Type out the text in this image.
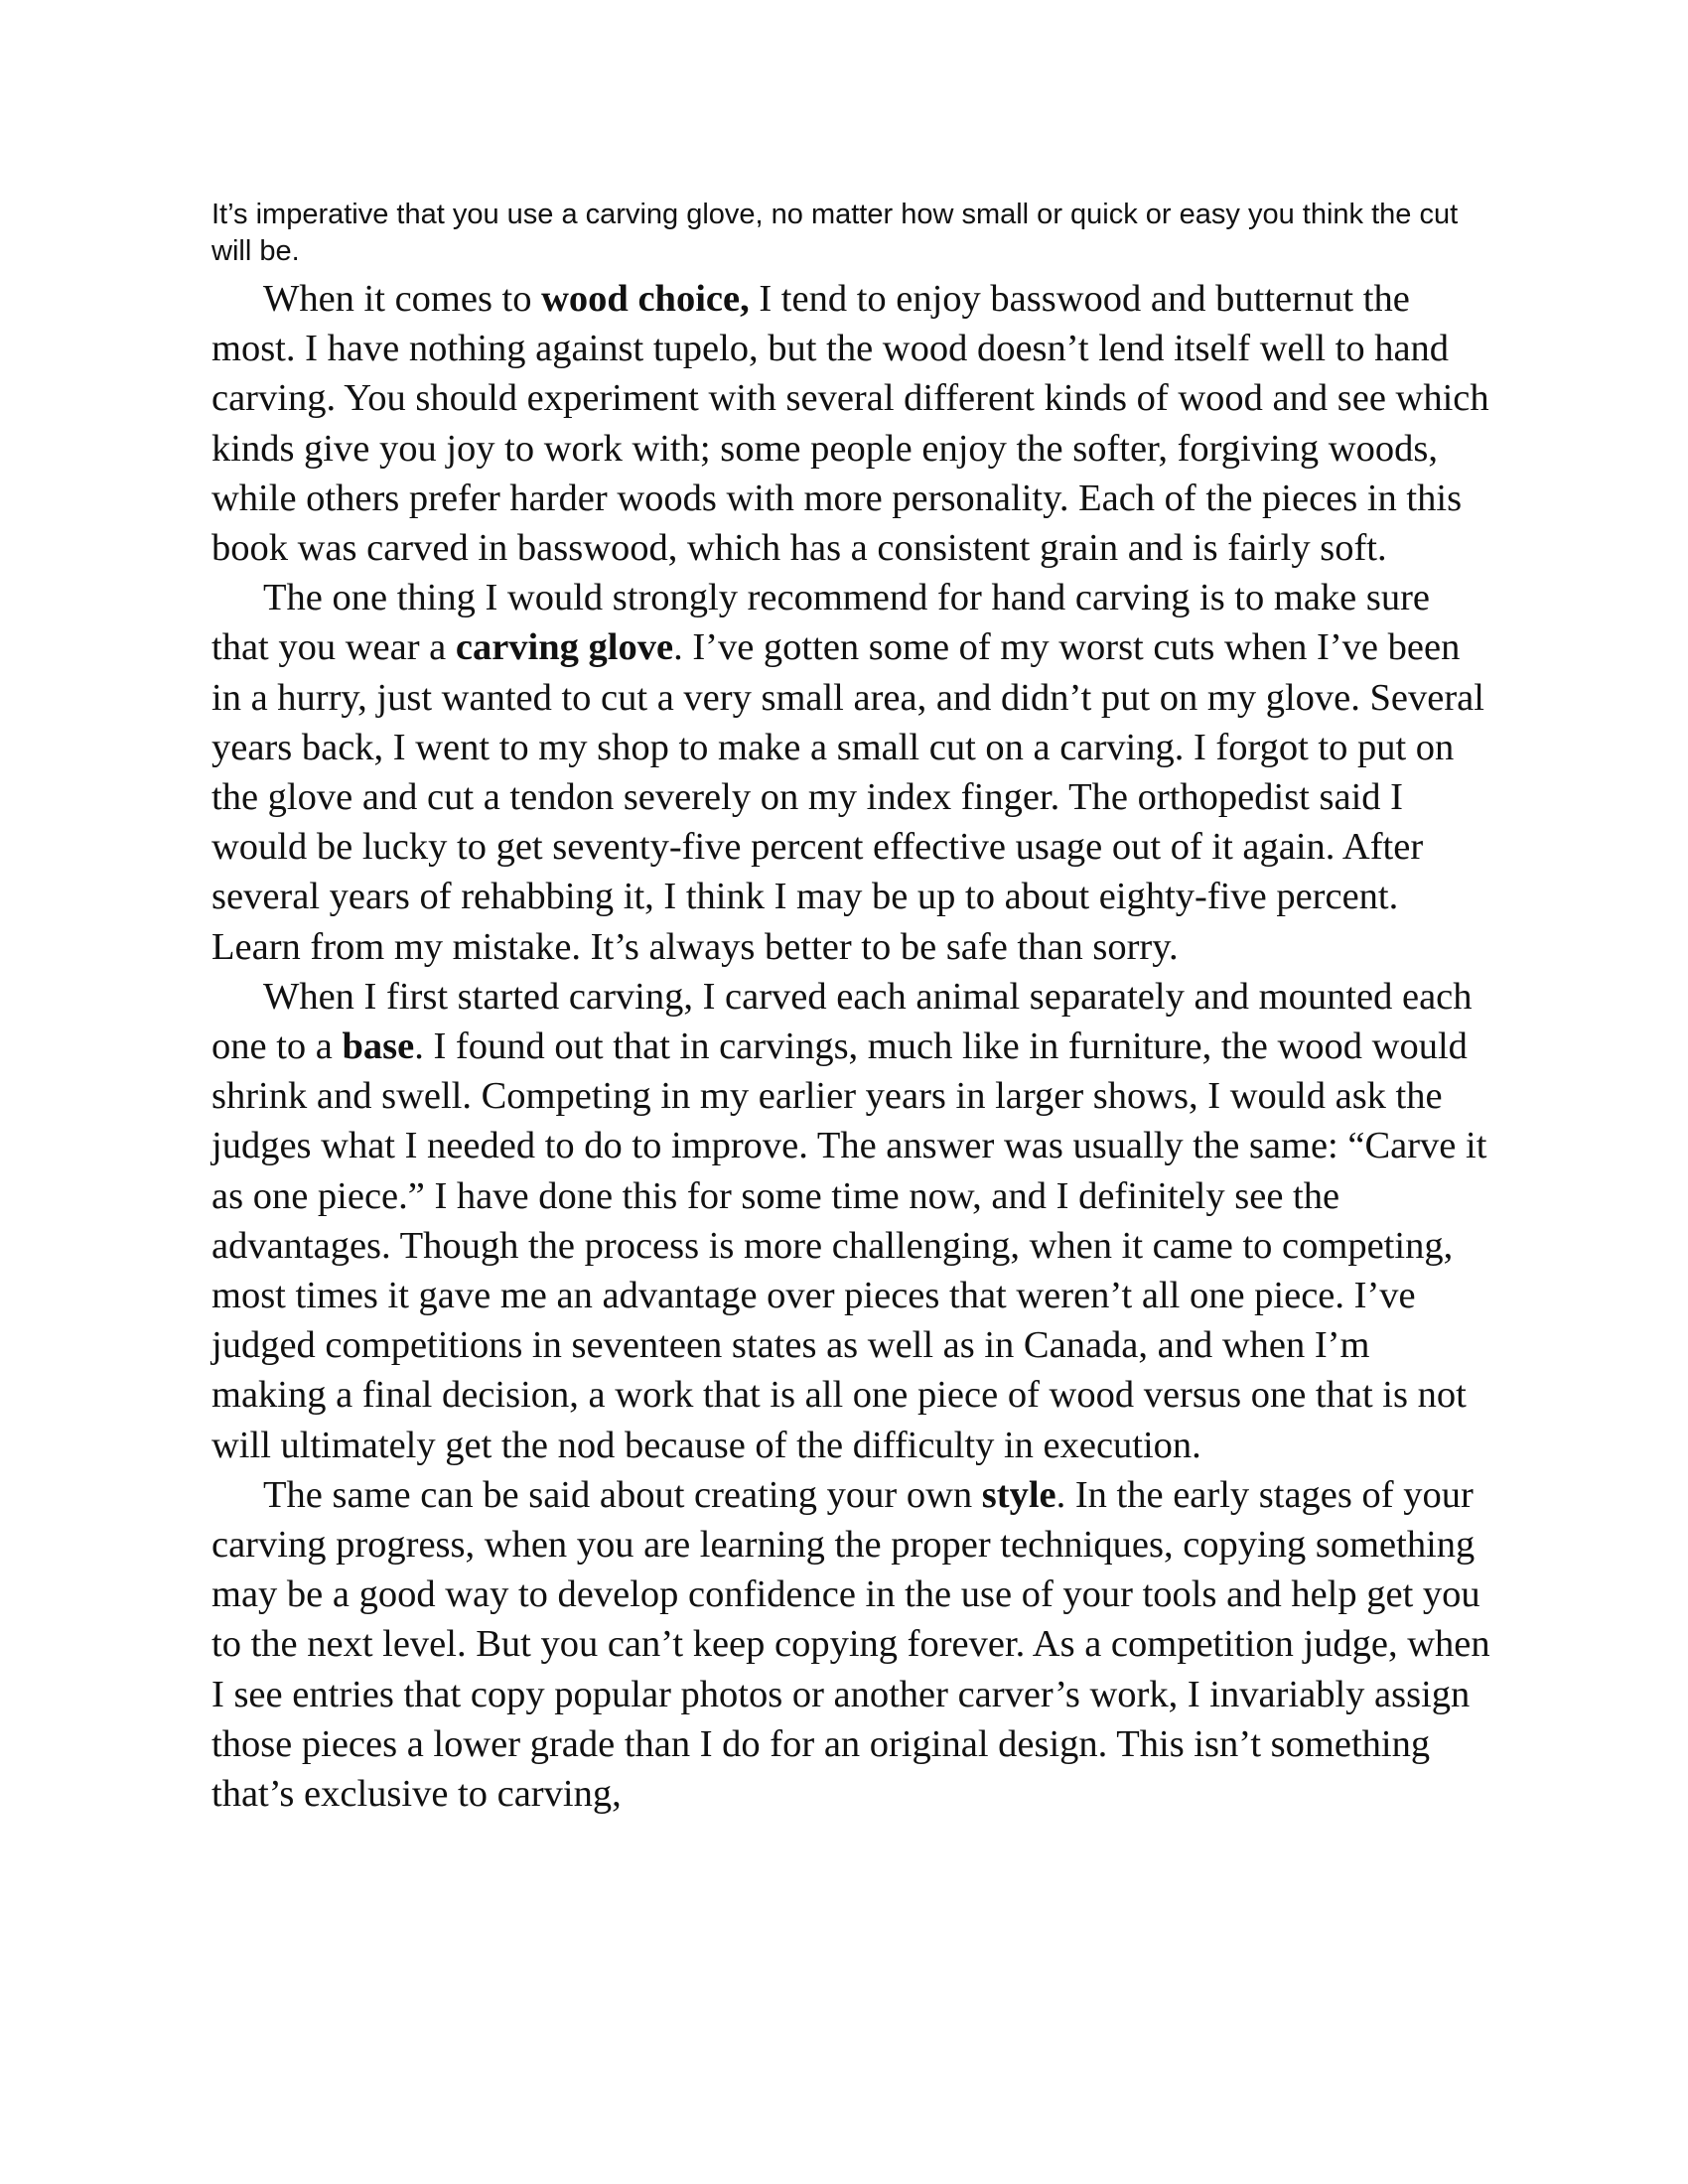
It’s imperative that you use a carving glove, no matter how small or quick or easy you think the cut will be.

When it comes to wood choice, I tend to enjoy basswood and butternut the most. I have nothing against tupelo, but the wood doesn’t lend itself well to hand carving. You should experiment with several different kinds of wood and see which kinds give you joy to work with; some people enjoy the softer, forgiving woods, while others prefer harder woods with more personality. Each of the pieces in this book was carved in basswood, which has a consistent grain and is fairly soft.

The one thing I would strongly recommend for hand carving is to make sure that you wear a carving glove. I’ve gotten some of my worst cuts when I’ve been in a hurry, just wanted to cut a very small area, and didn’t put on my glove. Several years back, I went to my shop to make a small cut on a carving. I forgot to put on the glove and cut a tendon severely on my index finger. The orthopedist said I would be lucky to get seventy-five percent effective usage out of it again. After several years of rehabbing it, I think I may be up to about eighty-five percent. Learn from my mistake. It’s always better to be safe than sorry.

When I first started carving, I carved each animal separately and mounted each one to a base. I found out that in carvings, much like in furniture, the wood would shrink and swell. Competing in my earlier years in larger shows, I would ask the judges what I needed to do to improve. The answer was usually the same: “Carve it as one piece.” I have done this for some time now, and I definitely see the advantages. Though the process is more challenging, when it came to competing, most times it gave me an advantage over pieces that weren’t all one piece. I’ve judged competitions in seventeen states as well as in Canada, and when I’m making a final decision, a work that is all one piece of wood versus one that is not will ultimately get the nod because of the difficulty in execution.

The same can be said about creating your own style. In the early stages of your carving progress, when you are learning the proper techniques, copying something may be a good way to develop confidence in the use of your tools and help get you to the next level. But you can’t keep copying forever. As a competition judge, when I see entries that copy popular photos or another carver’s work, I invariably assign those pieces a lower grade than I do for an original design. This isn’t something that’s exclusive to carving,
